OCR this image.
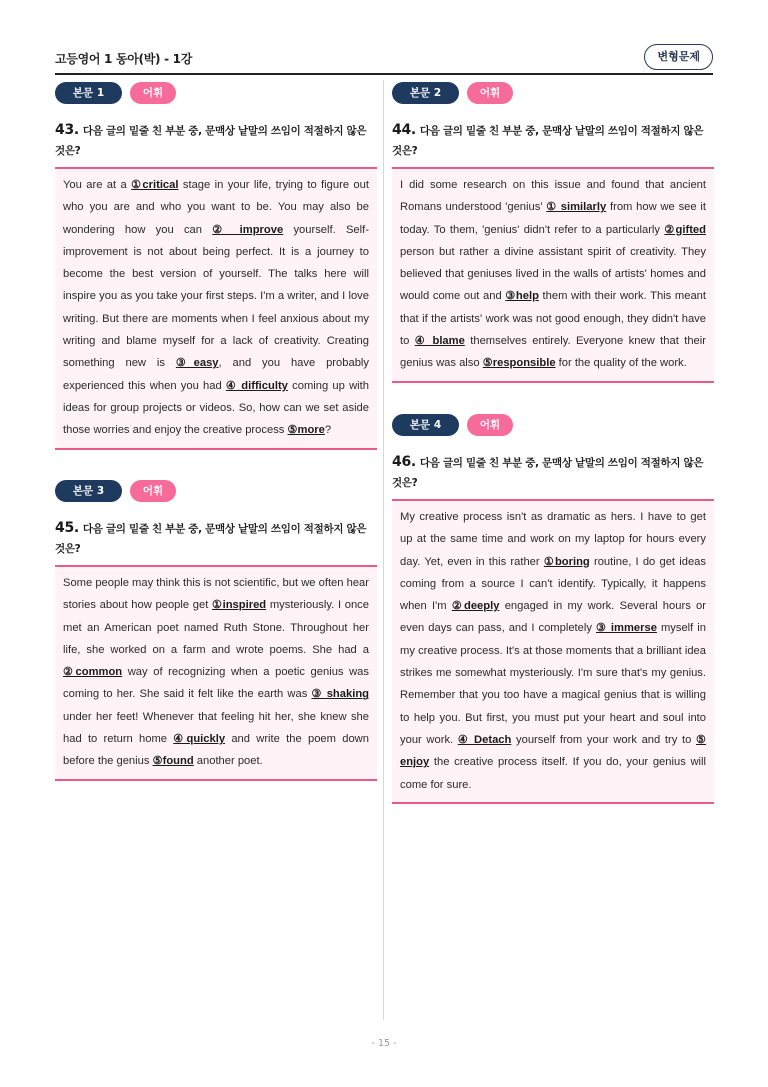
고등영어 1 동아(박) - 1강	변형문제
본문 1	어휘
43. 다음 글의 밑줄 친 부분 중, 문맥상 낱말의 쓰임이 적절하지 않은 것은?
You are at a ①critical stage in your life, trying to figure out who you are and who you want to be. You may also be wondering how you can ② improve yourself. Self-improvement is not about being perfect. It is a journey to become the best version of yourself. The talks here will inspire you as you take your first steps. I'm a writer, and I love writing. But there are moments when I feel anxious about my writing and blame myself for a lack of creativity. Creating something new is ③easy, and you have probably experienced this when you had ④ difficulty coming up with ideas for group projects or videos. So, how can we set aside those worries and enjoy the creative process ⑤more?
본문 2	어휘
44. 다음 글의 밑줄 친 부분 중, 문맥상 낱말의 쓰임이 적절하지 않은 것은?
I did some research on this issue and found that ancient Romans understood 'genius' ① similarly from how we see it today. To them, 'genius' didn't refer to a particularly ②gifted person but rather a divine assistant spirit of creativity. They believed that geniuses lived in the walls of artists' homes and would come out and ③help them with their work. This meant that if the artists' work was not good enough, they didn't have to ④ blame themselves entirely. Everyone knew that their genius was also ⑤responsible for the quality of the work.
본문 3	어휘
45. 다음 글의 밑줄 친 부분 중, 문맥상 낱말의 쓰임이 적절하지 않은 것은?
Some people may think this is not scientific, but we often hear stories about how people get ①inspired mysteriously. I once met an American poet named Ruth Stone. Throughout her life, she worked on a farm and wrote poems. She had a ②common way of recognizing when a poetic genius was coming to her. She said it felt like the earth was ③ shaking under her feet! Whenever that feeling hit her, she knew she had to return home ④quickly and write the poem down before the genius ⑤found another poet.
본문 4	어휘
46. 다음 글의 밑줄 친 부분 중, 문맥상 낱말의 쓰임이 적절하지 않은 것은?
My creative process isn't as dramatic as hers. I have to get up at the same time and work on my laptop for hours every day. Yet, even in this rather ①boring routine, I do get ideas coming from a source I can't identify. Typically, it happens when I'm ②deeply engaged in my work. Several hours or even days can pass, and I completely ③ immerse myself in my creative process. It's at those moments that a brilliant idea strikes me somewhat mysteriously. I'm sure that's my genius. Remember that you too have a magical genius that is willing to help you. But first, you must put your heart and soul into your work. ④ Detach yourself from your work and try to ⑤ enjoy the creative process itself. If you do, your genius will come for sure.
- 15 -
